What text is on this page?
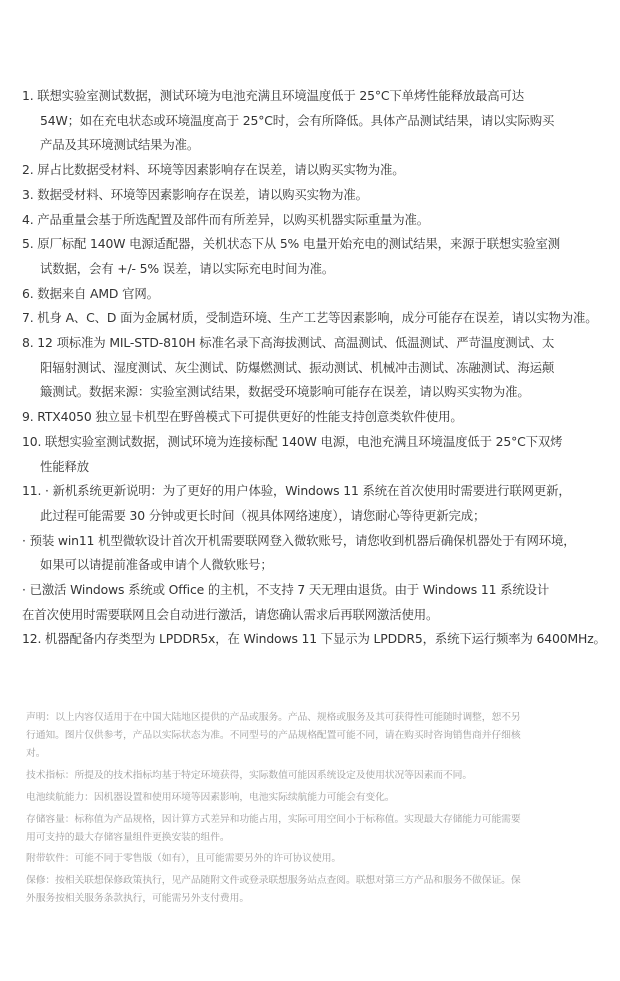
1. 联想实验室测试数据，测试环境为电池充满且环境温度低于 25°C下单烤性能释放最高可达
54W；如在充电状态或环境温度高于 25°C时，会有所降低。具体产品测试结果，请以实际购买
产品及其环境测试结果为准。
2. 屏占比数据受材料、环境等因素影响存在误差，请以购买实物为准。
3. 数据受材料、环境等因素影响存在误差，请以购买实物为准。
4. 产品重量会基于所选配置及部件而有所差异，以购买机器实际重量为准。
5. 原厂标配 140W 电源适配器，关机状态下从 5% 电量开始充电的测试结果，来源于联想实验室测
试数据，会有 +/- 5% 误差，请以实际充电时间为准。
6. 数据来自 AMD 官网。
7. 机身 A、C、D 面为金属材质，受制造环境、生产工艺等因素影响，成分可能存在误差，请以实物为准。
8. 12 项标准为 MIL-STD-810H 标准名录下高海拔测试、高温测试、低温测试、严苛温度测试、太
阳辐射测试、湿度测试、灰尘测试、防爆燃测试、振动测试、机械冲击测试、冻融测试、海运颠
簸测试。数据来源：实验室测试结果，数据受环境影响可能存在误差，请以购买实物为准。
9. RTX4050 独立显卡机型在野兽模式下可提供更好的性能支持创意类软件使用。
10. 联想实验室测试数据，测试环境为连接标配 140W 电源，电池充满且环境温度低于 25°C下双烤
性能释放
11. · 新机系统更新说明：为了更好的用户体验，Windows 11 系统在首次使用时需要进行联网更新，
此过程可能需要 30 分钟或更长时间（视具体网络速度），请您耐心等待更新完成；
· 预装 win11 机型微软设计首次开机需要联网登入微软账号，请您收到机器后确保机器处于有网环境，
如果可以请提前准备或申请个人微软账号；
· 已激活 Windows 系统或 Office 的主机，不支持 7 天无理由退货。由于 Windows 11 系统设计
在首次使用时需要联网且会自动进行激活，请您确认需求后再联网激活使用。
12. 机器配备内存类型为 LPDDR5x，在 Windows 11 下显示为 LPDDR5，系统下运行频率为 6400MHz。
声明：以上内容仅适用于在中国大陆地区提供的产品或服务。产品、规格或服务及其可获得性可能随时调整，恕不另
行通知。图片仅供参考，产品以实际状态为准。不同型号的产品规格配置可能不同，请在购买时咨询销售商并仔细核
对。
技术指标：所提及的技术指标均基于特定环境获得，实际数值可能因系统设定及使用状况等因素而不同。
电池续航能力：因机器设置和使用环境等因素影响，电池实际续航能力可能会有变化。
存储容量：标称值为产品规格，因计算方式差异和功能占用，实际可用空间小于标称值。实现最大存储能力可能需要
用可支持的最大存储容量组件更换安装的组件。
附带软件：可能不同于零售版（如有），且可能需要另外的许可协议使用。
保修：按相关联想保修政策执行，见产品随附文件或登录联想服务站点查阅。联想对第三方产品和服务不做保证。保
外服务按相关服务条款执行，可能需另外支付费用。
